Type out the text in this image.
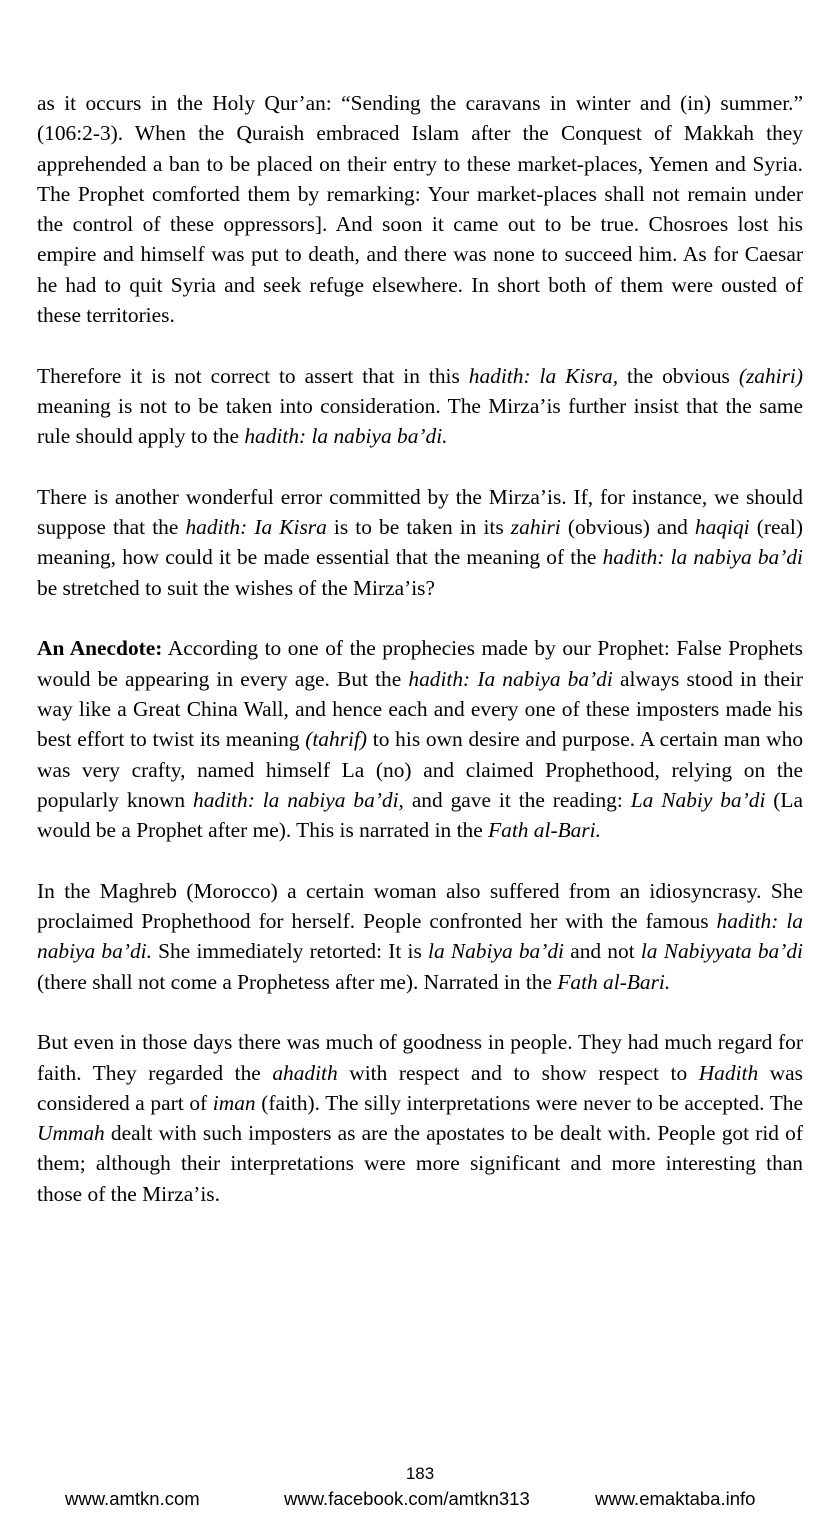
as it occurs in the Holy Qur’an: “Sending the caravans in winter and (in) summer.” (106:2-3). When the Quraish embraced Islam after the Conquest of Makkah they apprehended a ban to be placed on their entry to these market-places, Yemen and Syria. The Prophet comforted them by remarking: Your market-places shall not remain under the control of these oppressors]. And soon it came out to be true. Chosroes lost his empire and himself was put to death, and there was none to succeed him. As for Caesar he had to quit Syria and seek refuge elsewhere. In short both of them were ousted of these territories.

Therefore it is not correct to assert that in this hadith: la Kisra, the obvious (zahiri) meaning is not to be taken into consideration. The Mirza’is further insist that the same rule should apply to the hadith: la nabiya ba’di.

There is another wonderful error committed by the Mirza’is. If, for instance, we should suppose that the hadith: Ia Kisra is to be taken in its zahiri (obvious) and haqiqi (real) meaning, how could it be made essential that the meaning of the hadith: la nabiya ba’di be stretched to suit the wishes of the Mirza’is?

An Anecdote: According to one of the prophecies made by our Prophet: False Prophets would be appearing in every age. But the hadith: Ia nabiya ba’di always stood in their way like a Great China Wall, and hence each and every one of these imposters made his best effort to twist its meaning (tahrif) to his own desire and purpose. A certain man who was very crafty, named himself La (no) and claimed Prophethood, relying on the popularly known hadith: la nabiya ba’di, and gave it the reading: La Nabiy ba’di (La would be a Prophet after me). This is narrated in the Fath al-Bari.

In the Maghreb (Morocco) a certain woman also suffered from an idiosyncrasy. She proclaimed Prophethood for herself. People confronted her with the famous hadith: la nabiya ba’di. She immediately retorted: It is la Nabiya ba’di and not la Nabiyyata ba’di (there shall not come a Prophetess after me). Narrated in the Fath al-Bari.

But even in those days there was much of goodness in people. They had much regard for faith. They regarded the ahadith with respect and to show respect to Hadith was considered a part of iman (faith). The silly interpretations were never to be accepted. The Ummah dealt with such imposters as are the apostates to be dealt with. People got rid of them; although their interpretations were more significant and more interesting than those of the Mirza’is.

183
www.amtkn.com	www.facebook.com/amtkn313	www.emaktaba.info
